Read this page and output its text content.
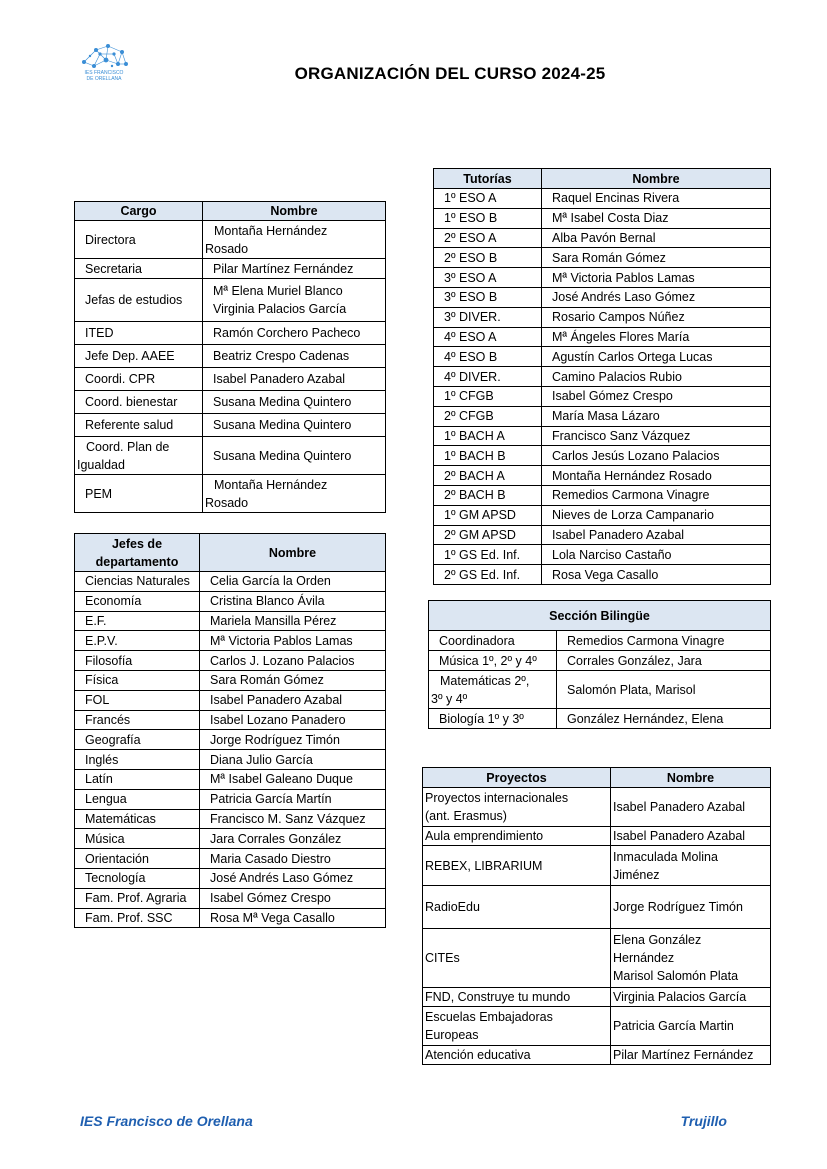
IES FRANCISCO
DE ORELLANA	ORGANIZACIÓN DEL CURSO 2024-25
Cargo	Nombre
Directora	Montaña Hernández
Rosado

Secretaria	Pilar Martínez Fernández
Jefas de estudios	Mª Elena Muriel Blanco
Virginia Palacios García

ITED	Ramón Corchero Pacheco
Jefe Dep. AAEE	Beatriz Crespo Cadenas
Coordi. CPR	Isabel Panadero Azabal
Coord. bienestar	Susana Medina Quintero
Referente salud	Susana Medina Quintero

Coord. Plan de
Igualdad	Susana Medina Quintero
PEM	Montaña Hernández
Rosado
Jefes de
departamento	Nombre
Ciencias Naturales	Celia García la Orden
Economía	Cristina Blanco Ávila
E.F.	Mariela Mansilla Pérez
E.P.V.	Mª Victoria Pablos Lamas
Filosofía	Carlos J. Lozano Palacios
Física	Sara Román Gómez
FOL	Isabel Panadero Azabal
Francés	Isabel Lozano Panadero
Geografía	Jorge Rodríguez Timón
Inglés	Diana Julio García
Latín	Mª Isabel Galeano Duque
Lengua	Patricia García Martín
Matemáticas	Francisco M. Sanz Vázquez
Música	Jara Corrales González
Orientación	Maria Casado Diestro
Tecnología	José Andrés Laso Gómez
Fam. Prof. Agraria	Isabel Gómez Crespo
Fam. Prof. SSC	Rosa Mª Vega Casallo
Tutorías	Nombre
1º ESO A	Raquel Encinas Rivera
1º ESO B	Mª Isabel Costa Diaz
2º ESO A	Alba Pavón Bernal
2º ESO B	Sara Román Gómez
3º ESO A	Mª Victoria Pablos Lamas
3º ESO B	José Andrés Laso Gómez
3º DIVER.	Rosario Campos Núñez
4º ESO A	Mª Ángeles Flores María
4º ESO B	Agustín Carlos Ortega Lucas
4º DIVER.	Camino Palacios Rubio
1º CFGB	Isabel Gómez Crespo
2º CFGB	María Masa Lázaro
1º BACH A	Francisco Sanz Vázquez
1º BACH B	Carlos Jesús Lozano Palacios
2º BACH A	Montaña Hernández Rosado
2º BACH B	Remedios Carmona Vinagre
1º GM APSD	Nieves de Lorza Campanario
2º GM APSD	Isabel Panadero Azabal
1º GS Ed. Inf.	Lola Narciso Castaño
2º GS Ed. Inf.	Rosa Vega Casallo
Sección Bilingüe	
Coordinadora	Remedios Carmona Vinagre
Música 1º, 2º y 4º	Corrales González, Jara

Matemáticas 2º,
3º y 4º	Salomón Plata, Marisol
Biología 1º y 3º	González Hernández, Elena
Proyectos	Nombre

Proyectos internacionales
(ant. Erasmus)	Isabel Panadero Azabal
Aula emprendimiento	Isabel Panadero Azabal
REBEX, LIBRARIUM	Inmaculada Molina
Jiménez

RadioEdu	Jorge Rodríguez Timón
CITEs	Elena González
Hernández
Marisol Salomón Plata

FND, Construye tu mundo	Virginia Palacios García

Escuelas Embajadoras
Europeas	Patricia García Martin
Atención educativa	Pilar Martínez Fernández
IES Francisco de Orellana	Trujillo
